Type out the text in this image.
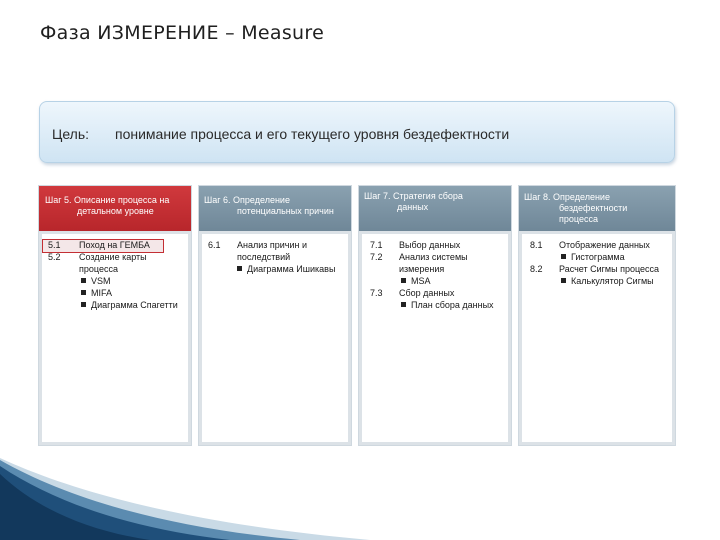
Фаза ИЗМЕРЕНИЕ – Measure
Цель: понимание процесса и его текущего уровня бездефектности
Шаг 5. Описание процесса на
детальном уровне
5.1 Поход на ГЕМБА
5.2 Создание карты
процесса
VSM
MIFA
Диаграмма Спагетти
Шаг 6. Определение
потенциальных причин
6.1 Анализ причин и
последствий
Диаграмма Ишикавы
Шаг 7. Стратегия сбора
данных
7.1 Выбор данных
7.2 Анализ системы
измерения
MSA
7.3 Сбор данных
План сбора данных
Шаг 8. Определение
бездефектности
процесса
8.1 Отображение данных
Гистограмма
8.2 Расчет Сигмы процесса
Калькулятор Сигмы
